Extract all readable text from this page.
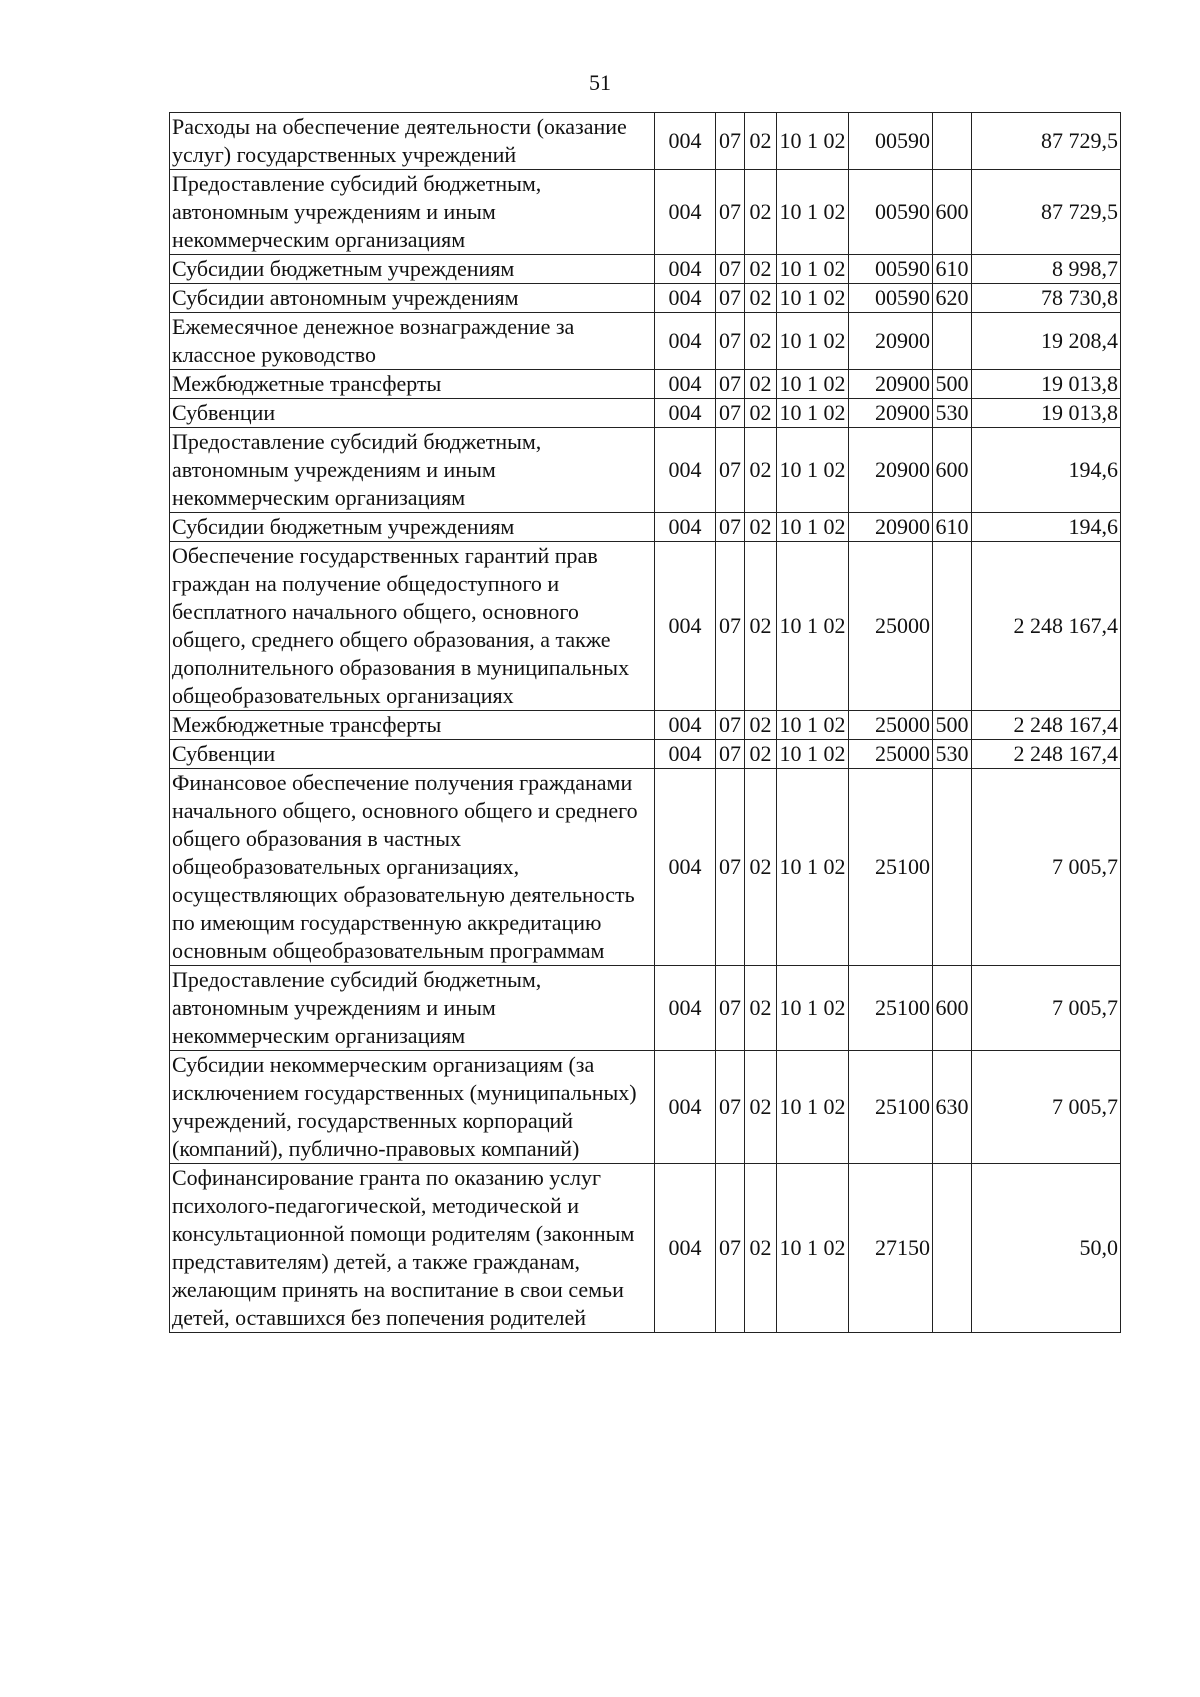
51
Расходы на обеспечение деятельности (оказание услуг) государственных учреждений	004	07	02	10 1 02	00590		87 729,5
Предоставление субсидий бюджетным, автономным учреждениям и иным некоммерческим организациям	004	07	02	10 1 02	00590	600	87 729,5
Субсидии бюджетным учреждениям	004	07	02	10 1 02	00590	610	8 998,7
Субсидии автономным учреждениям	004	07	02	10 1 02	00590	620	78 730,8
Ежемесячное денежное вознаграждение за классное руководство	004	07	02	10 1 02	20900		19 208,4
Межбюджетные трансферты	004	07	02	10 1 02	20900	500	19 013,8
Субвенции	004	07	02	10 1 02	20900	530	19 013,8
Предоставление субсидий бюджетным, автономным учреждениям и иным некоммерческим организациям	004	07	02	10 1 02	20900	600	194,6
Субсидии бюджетным учреждениям	004	07	02	10 1 02	20900	610	194,6
Обеспечение государственных гарантий прав граждан на получение общедоступного и бесплатного начального общего, основного общего, среднего общего образования, а также дополнительного образования в муниципальных общеобразовательных организациях	004	07	02	10 1 02	25000		2 248 167,4
Межбюджетные трансферты	004	07	02	10 1 02	25000	500	2 248 167,4
Субвенции	004	07	02	10 1 02	25000	530	2 248 167,4
Финансовое обеспечение получения гражданами начального общего, основного общего и среднего общего образования в частных общеобразовательных организациях, осуществляющих образовательную деятельность по имеющим государственную аккредитацию основным общеобразовательным программам	004	07	02	10 1 02	25100		7 005,7
Предоставление субсидий бюджетным, автономным учреждениям и иным некоммерческим организациям	004	07	02	10 1 02	25100	600	7 005,7
Субсидии некоммерческим организациям (за исключением государственных (муниципальных) учреждений, государственных корпораций (компаний), публично-правовых компаний)	004	07	02	10 1 02	25100	630	7 005,7
Софинансирование гранта по оказанию услуг психолого-педагогической, методической и консультационной помощи родителям (законным представителям) детей, а также гражданам, желающим принять на воспитание в свои семьи детей, оставшихся без попечения родителей	004	07	02	10 1 02	27150		50,0
